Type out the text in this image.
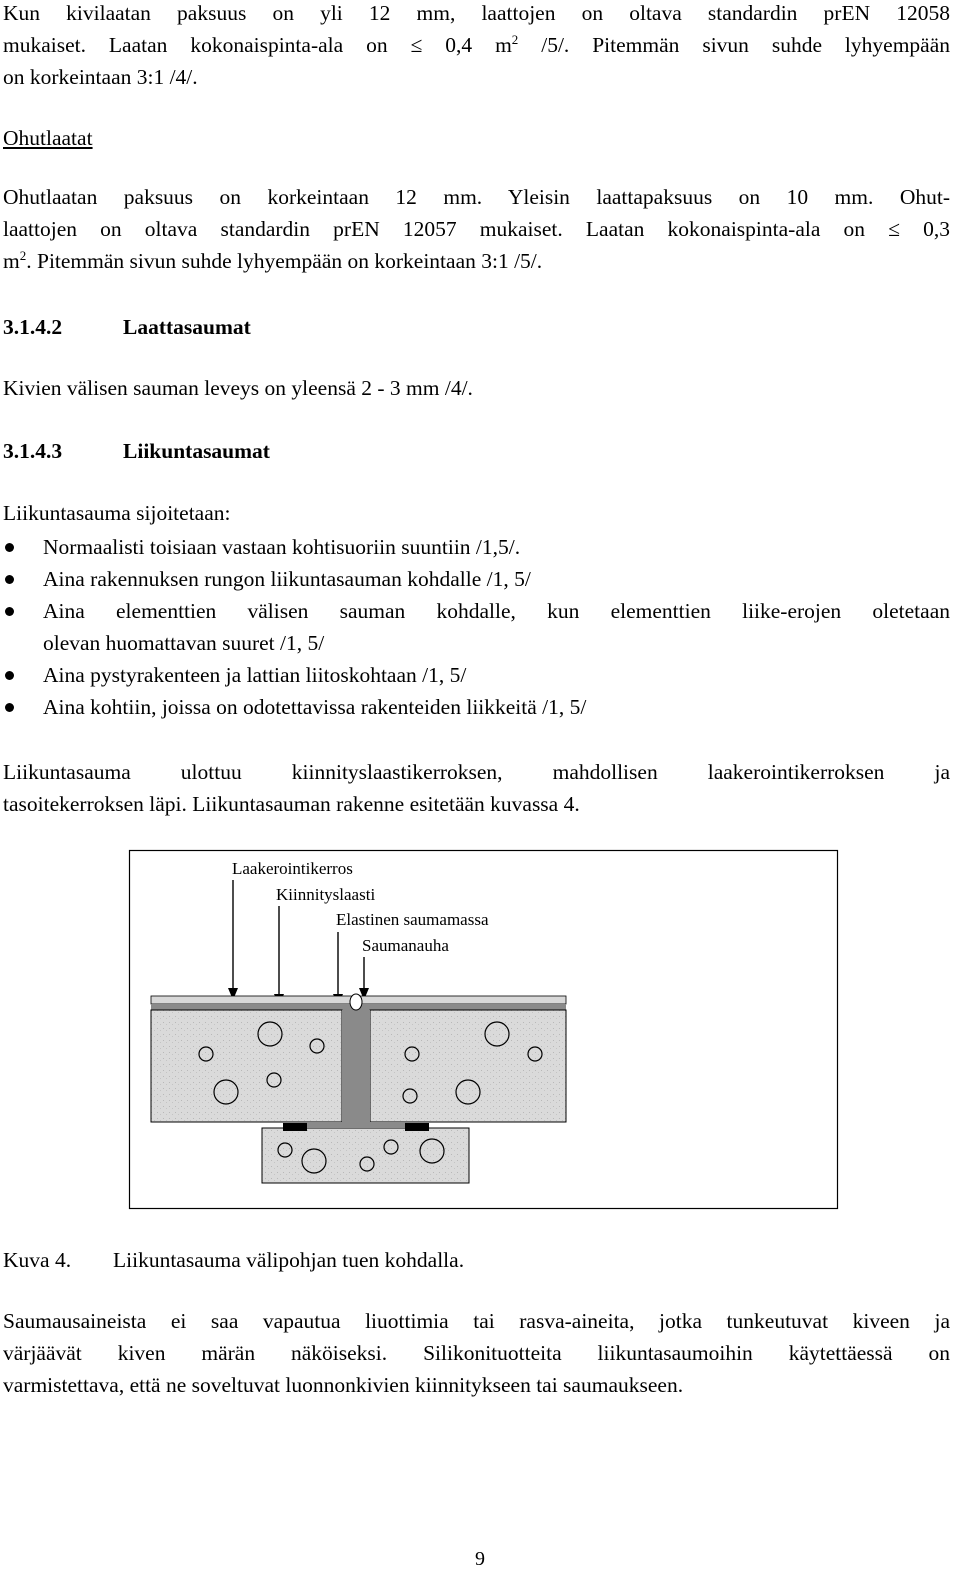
Kun kivilaatan paksuus on yli 12 mm, laattojen on oltava standardin prEN 12058
mukaiset. Laatan kokonaispinta-ala on ≤ 0,4 $m^2$ /5/. Pitemmän sivun suhde lyhyempään
on korkeintaan 3:1 /4/.
Ohutlaatat
Ohutlaatan paksuus on korkeintaan 12 mm. Yleisin laattapaksuus on 10 mm. Ohut-
laattojen on oltava standardin prEN 12057 mukaiset. Laatan kokonaispinta-ala on ≤ 0,3
$m^2$. Pitemmän sivun suhde lyhyempään on korkeintaan 3:1 /5/.
3.1.4.2	Laattasaumat
Kivien välisen sauman leveys on yleensä 2 - 3 mm /4/.
3.1.4.3	Liikuntasaumat
Liikuntasauma sijoitetaan:
Normaalisti toisiaan vastaan kohtisuoriin suuntiin /1,5/.
Aina rakennuksen rungon liikuntasauman kohdalle /1, 5/
Aina elementtien välisen sauman kohdalle, kun elementtien liike-erojen oletetaan
olevan huomattavan suuret /1, 5/
Aina pystyrakenteen ja lattian liitoskohtaan /1, 5/
Aina kohtiin, joissa on odotettavissa rakenteiden liikkeitä /1, 5/
Liikuntasauma ulottuu kiinnityslaastikerroksen, mahdollisen laakerointikerroksen ja
tasoitekerroksen läpi. Liikuntasauman rakenne esitetään kuvassa 4.
Laakerointikerros
Kiinnityslaasti
Elastinen saumamassa
Saumanauha
Kuva 4. Liikuntasauma välipohjan tuen kohdalla.
Saumausaineista ei saa vapautua liuottimia tai rasva-aineita, jotka tunkeutuvat kiveen ja
värjäävät kiven märän näköiseksi. Silikonituotteita liikuntasaumoihin käytettäessä on
varmistettava, että ne soveltuvat luonnonkivien kiinnitykseen tai saumaukseen.
9
